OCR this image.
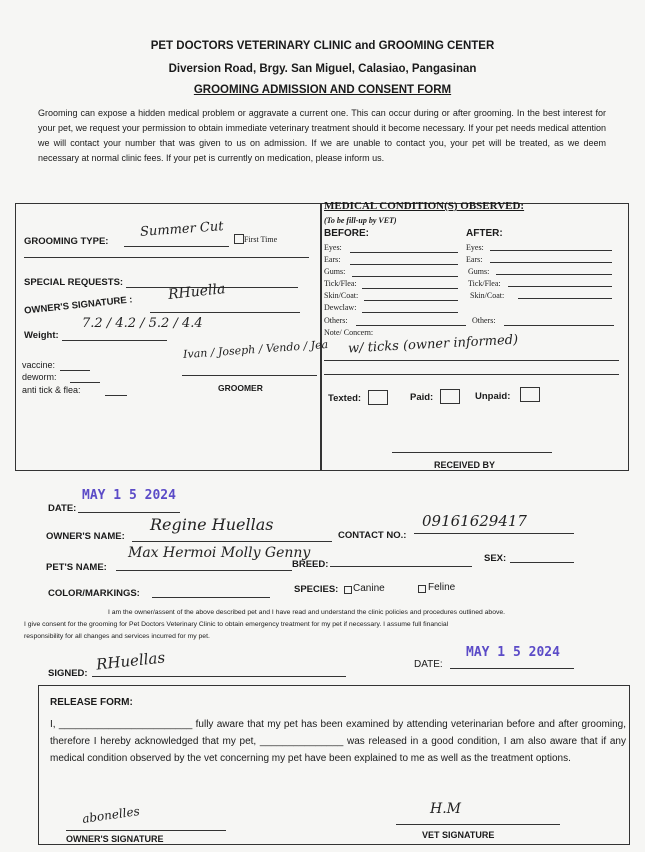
PET DOCTORS VETERINARY CLINIC and GROOMING CENTER
Diversion Road, Brgy. San Miguel, Calasiao, Pangasinan
GROOMING ADMISSION AND CONSENT FORM
Grooming can expose a hidden medical problem or aggravate a current one. This can occur during or after grooming. In the best interest for your pet, we request your permission to obtain immediate veterinary treatment should it become necessary. If your pet needs medical attention we will contact your number that was given to us on admission. If we are unable to contact you, your pet will be treated, as we deem necessary at normal clinic fees. If your pet is currently on medication, please inform us.
GROOMING TYPE:
Summer Cut	First Time
SPECIAL REQUESTS:
OWNER'S SIGNATURE :
RHuella
Weight:
7.2 / 4.2 / 5.2 / 4.4
vaccine:
deworm:
anti tick & flea:
Ivan / Joseph / Vendo / Jea
GROOMER
MEDICAL CONDITION(S) OBSERVED:
(To be fill-up by VET)
BEFORE:	AFTER:
Eyes:
Ears:
Gums:
Tick/Flea:
Skin/Coat:
Dewclaw:
Others:
Eyes:
Ears:
Gums:
Tick/Flea:
Skin/Coat:
Others:
Note/ Concern:
w/ ticks (owner informed)
Texted:	Paid:	Unpaid:
RECEIVED BY
DATE:
MAY 1 5 2024
OWNER'S NAME:
Regine Huellas
CONTACT NO.:
09161629417
PET'S NAME:
Max Hermoi Molly Genny
BREED:
SEX:
COLOR/MARKINGS:	SPECIES: Canine	Feline
I am the owner/assent of the above described pet and I have read and understand the clinic policies and procedures outlined above.
I give consent for the grooming for Pet Doctors Veterinary Clinic to obtain emergency treatment for my pet if necessary. I assume full financial
responsibility for all changes and services incurred for my pet.
SIGNED: RHuellas	DATE:
MAY 1 5 2024
RELEASE FORM:
I, ________________________ fully aware that my pet has been examined by attending veterinarian before and after grooming, therefore I hereby acknowledged that my pet, _______________ was released in a good condition, I am also aware that if any medical condition observed by the vet concerning my pet have been explained to me as well as the treatment options.
abonelles
OWNER'S SIGNATURE
H.M
VET SIGNATURE
